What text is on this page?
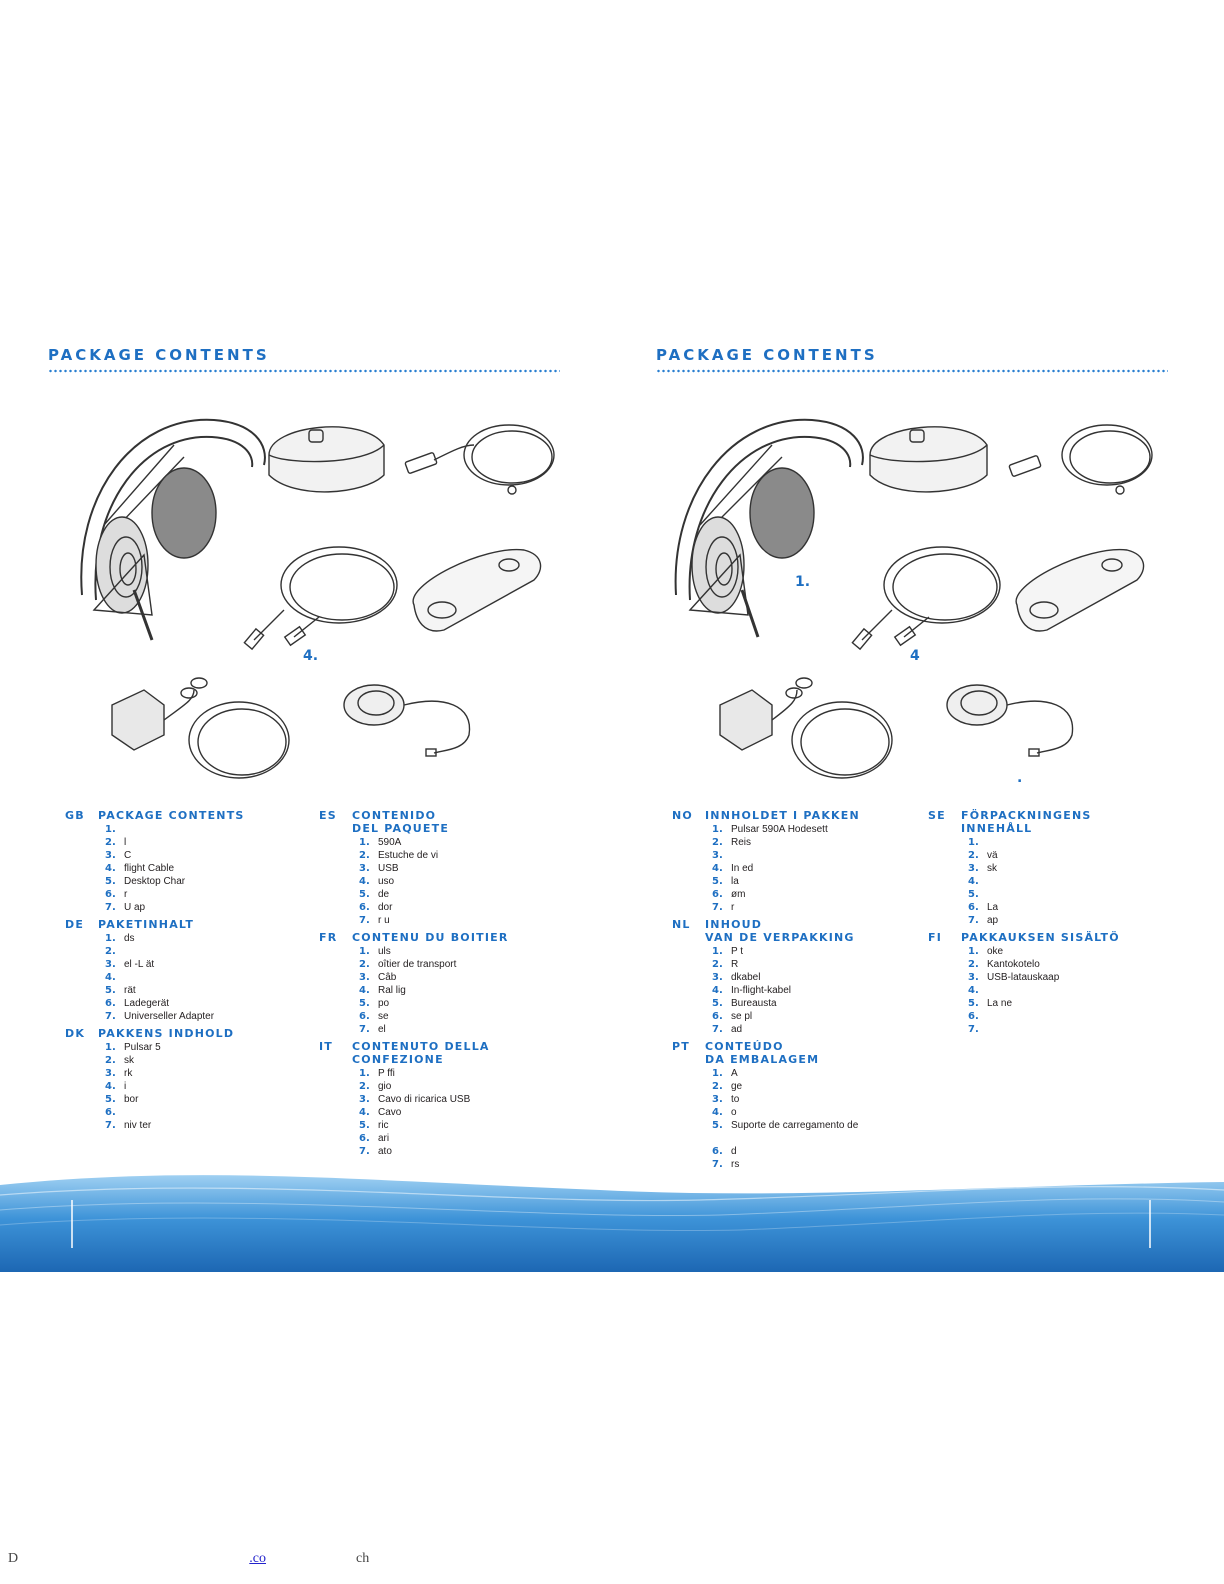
PACKAGE CONTENTS	PACKAGE CONTENTS
4.
1.
4
.
GB PACKAGE CONTENTS
1.
2. l
3. C
4. flight Cable
5. Desktop Char
6. r
7. U ap
DE PAKETINHALT
1. ds
2.
3. el -L ät
4.
5. rät
6. Ladegerät
7. Universeller Adapter
DK PAKKENS INDHOLD
1. Pulsar 5
2. sk
3. rk
4. i
5. bor
6.
7. niv ter
ES CONTENIDO
DEL PAQUETE
1. 590A
2. Estuche de vi
3. USB
4. uso
5. de
6. dor
7. r u
FR CONTENU DU BOITIER
1. uls
2. oîtier de transport
3. Câb
4. Ral lig
5. po
6. se
7. el
IT CONTENUTO DELLA
CONFEZIONE
1. P ffi
2. gio
3. Cavo di ricarica USB
4. Cavo
5. ric
6. ari
7. ato
NO INNHOLDET I PAKKEN
1. Pulsar 590A Hodesett
2. Reis
3.
4. In ed
5. la
6. øm
7. r
NL INHOUD
VAN DE VERPAKKING
1. P t
2. R
3. dkabel
4. In-flight-kabel
5. Bureausta
6. se pl
7. ad
PT CONTEÚDO
DA EMBALAGEM
1. A
2. ge
3. to
4. o
5. Suporte de carregamento de
6. d
7. rs
SE FÖRPACKNINGENS
INNEHÅLL
1.
2. vä
3. sk
4.
5.
6. La
7. ap
FI PAKKAUKSEN SISÄLTÖ
1. oke
2. Kantokotelo
3. USB-latauskaap
4.
5. La ne
6.
7.
D	.co	ch
